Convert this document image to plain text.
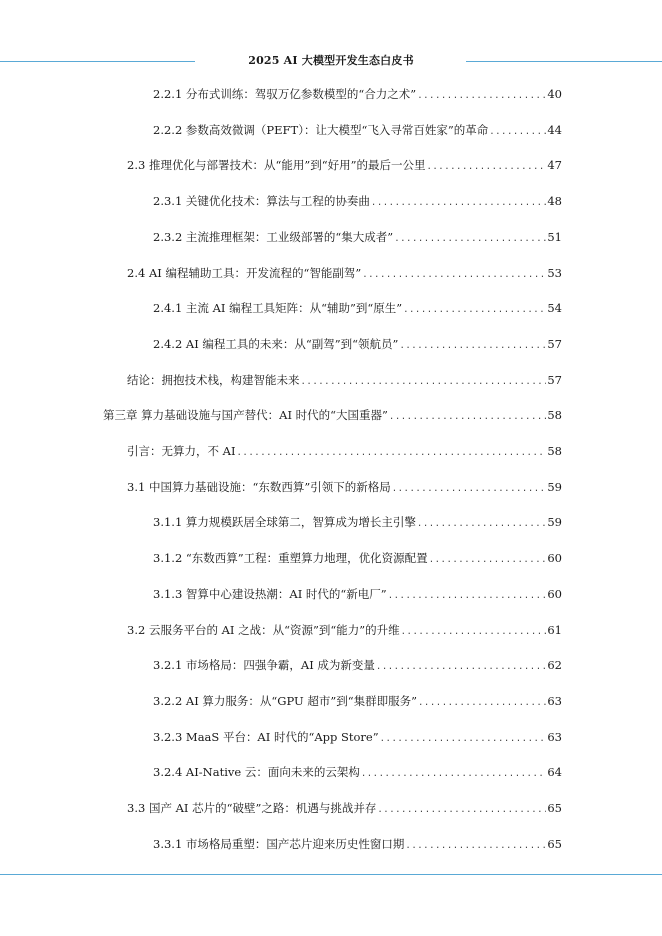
2025 AI 大模型开发生态白皮书
2.2.1 分布式训练：驾驭万亿参数模型的“合力之术” .....	40
2.2.2 参数高效微调（PEFT）：让大模型“飞入寻常百姓家”的革命 .....	44
2.3 推理优化与部署技术：从“能用”到“好用”的最后一公里 .....	47
2.3.1 关键优化技术：算法与工程的协奏曲 .....	48
2.3.2 主流推理框架：工业级部署的“集大成者” .....	51
2.4 AI 编程辅助工具：开发流程的“智能副驾” .....	53
2.4.1 主流 AI 编程工具矩阵：从“辅助”到“原生” .....	54
2.4.2 AI 编程工具的未来：从“副驾”到“领航员” .....	57
结论：拥抱技术栈，构建智能未来 .....	57
第三章 算力基础设施与国产替代：AI 时代的“大国重器” .....	58
引言：无算力，不 AI .....	58
3.1 中国算力基础设施：“东数西算”引领下的新格局 .....	59
3.1.1 算力规模跃居全球第二，智算成为增长主引擎 .....	59
3.1.2 “东数西算”工程：重塑算力地理，优化资源配置 .....	60
3.1.3 智算中心建设热潮：AI 时代的“新电厂” .....	60
3.2 云服务平台的 AI 之战：从“资源”到“能力”的升维 .....	61
3.2.1 市场格局：四强争霸，AI 成为新变量 .....	62
3.2.2 AI 算力服务：从“GPU 超市”到“集群即服务” .....	63
3.2.3 MaaS 平台：AI 时代的“App Store” .....	63
3.2.4 AI-Native 云：面向未来的云架构 .....	64
3.3 国产 AI 芯片的“破壁”之路：机遇与挑战并存 .....	65
3.3.1 市场格局重塑：国产芯片迎来历史性窗口期 .....	65
